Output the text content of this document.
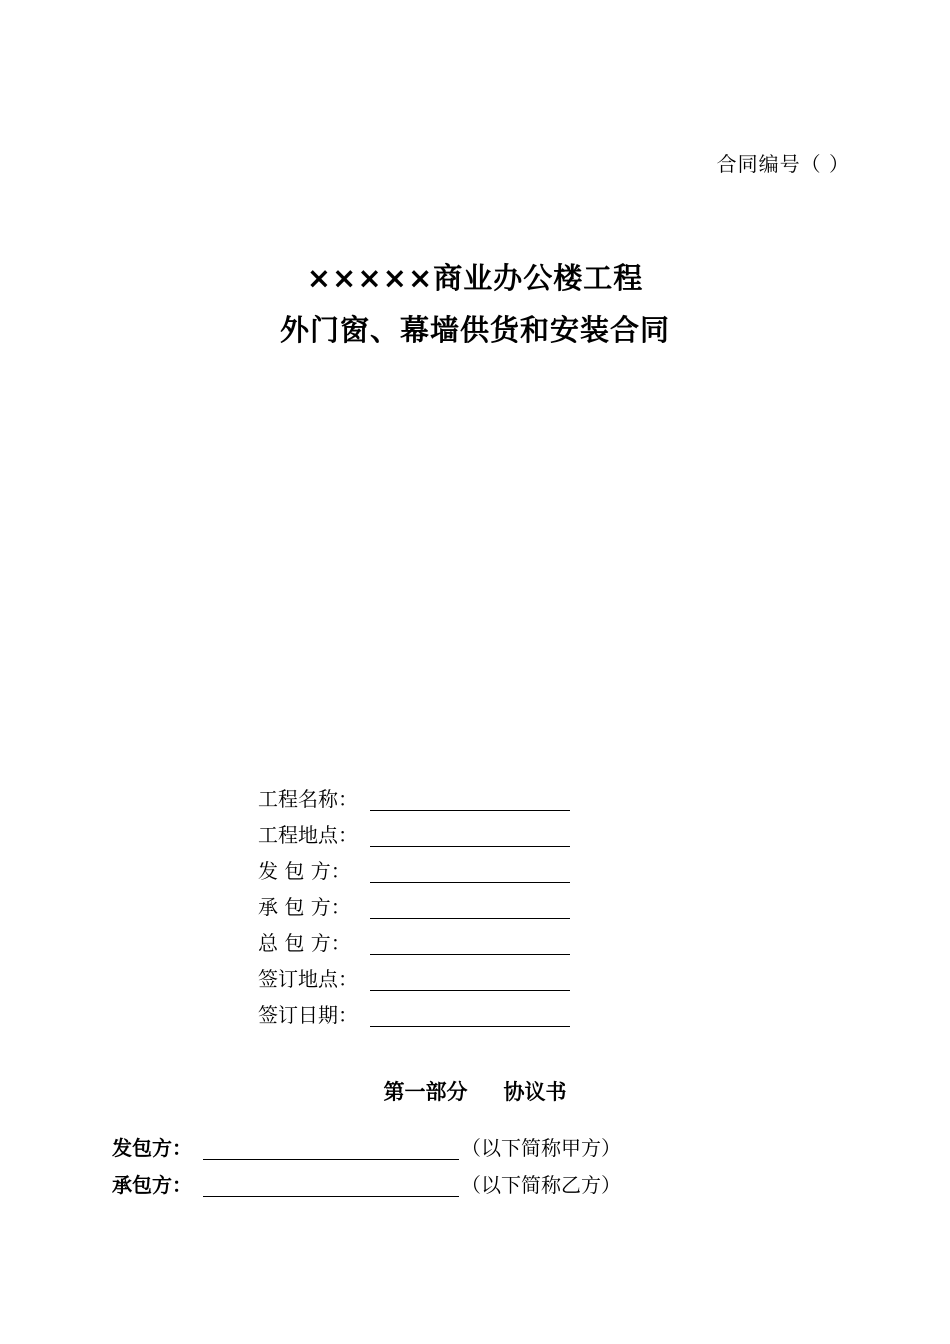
合同编号（ ）
×××××商业办公楼工程
外门窗、幕墙供货和安装合同
工程名称：
工程地点：
发 包 方：
承 包 方：
总 包 方：
签订地点：
签订日期：
第一部分 协议书
发包方：	（以下简称甲方）
承包方：	（以下简称乙方）
